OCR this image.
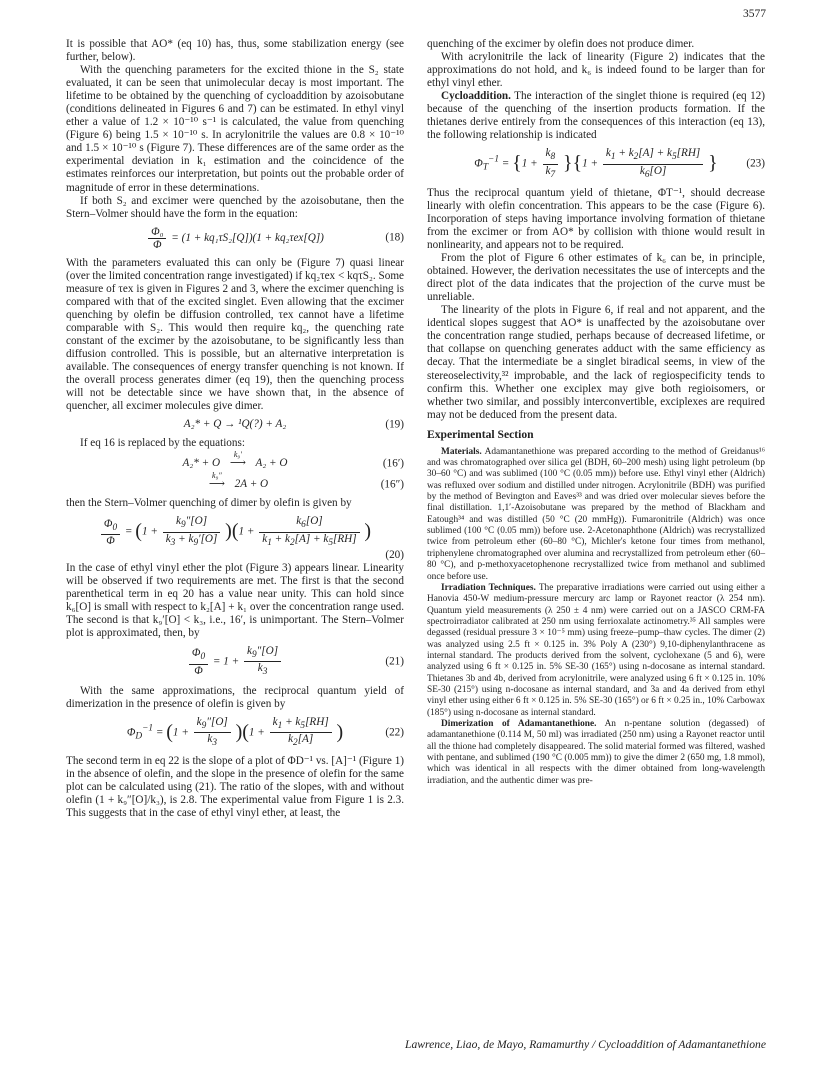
3577

It is possible that AO* (eq 10) has, thus, some stabilization energy (see further, below).

With the quenching parameters for the excited thione in the S₂ state evaluated, it can be seen that unimolecular decay is most important. The lifetime to be obtained by the quenching of cycloaddition by azoisobutane (conditions delineated in Figures 6 and 7) can be estimated. In ethyl vinyl ether a value of 1.2 × 10⁻¹⁰ s⁻¹ is calculated, the value from quenching (Figure 6) being 1.5 × 10⁻¹⁰ s. In acrylonitrile the values are 0.8 × 10⁻¹⁰ and 1.5 × 10⁻¹⁰ s (Figure 7). These differences are of the same order as the experimental deviation in k₁ estimation and the coincidence of the estimates reinforces our interpretation, but points out the probable order of magnitude of error in these determinations.

If both S₂ and excimer were quenched by the azoisobutane, then the Stern–Volmer should have the form in the equation:

$\frac{\text{Φ₀}}{\Phi} = (1 + kq_1\tau S_2[Q])(1 + kq_2\tau ex[Q])$	(18)

With the parameters evaluated this can only be (Figure 7) quasi linear (over the limited concentration range investigated) if kq₂τex < kqτS₂. Some measure of τex is given in Figures 2 and 3, where the excimer quenching is compared with that of the excited singlet. Even allowing that the excimer quenching by olefin be diffusion controlled, τex cannot have a lifetime comparable with S₂. This would then require kq₂, the quenching rate constant of the excimer by the azoisobutane, to be significantly less than diffusion controlled. This is possible, but an alternative interpretation is available. The consequences of energy transfer quenching is not known. If the overall process generates dimer (eq 19), then the quenching process will not be detectable since we have shown that, in the absence of quencher, all excimer molecules give dimer.

A₂* + Q → ¹Q(?) + A₂	(19)

If eq 16 is replaced by the equations:

A₂* + O ⟶
k₉′
A₂ + O	(16′)
⟶
k₉″
2A + O	(16″)

then the Stern–Volmer quenching of dimer by olefin is given by

$\frac{\Phi_0}{\Phi} = (1 + \frac{k_9''[O]}{k_3 + k_9'[O]} )(1 + \frac{k_6[O]}{k_1 + k_2[A] + k_5[RH]}$ )

(20)

In the case of ethyl vinyl ether the plot (Figure 3) appears linear. Linearity will be observed if two requirements are met. The first is that the second parenthetical term in eq 20 has a value near unity. This can hold since k₆[O] is small with respect to k₂[A] + k₁ over the concentration range used. The second is that k₉′[O] < k₃, i.e., 16′, is unimportant. The Stern–Volmer plot is approximated, then, by

$\frac{\Phi_0}{\Phi} = 1 + \frac{k_9''[O]}{k_3}$	(21)

With the same approximations, the reciprocal quantum yield of dimerization in the presence of olefin is given by

$\Phi_D^{-1} = (1 + \frac{k_9''[O]}{k_3} )(1 + \frac{k_1 + k_5[RH]}{k_2[A]}$ )	(22)

The second term in eq 22 is the slope of a plot of ΦD⁻¹ vs. [A]⁻¹ (Figure 1) in the absence of olefin, and the slope in the presence of olefin for the same plot can be calculated using (21). The ratio of the slopes, with and without olefin (1 + k₉″[O]/k₃), is 2.8. The experimental value from Figure 1 is 2.3. This suggests that in the case of ethyl vinyl ether, at least, the

quenching of the excimer by olefin does not produce dimer.

With acrylonitrile the lack of linearity (Figure 2) indicates that the approximations do not hold, and k₆ is indeed found to be larger than for ethyl vinyl ether.

Cycloaddition. The interaction of the singlet thione is required (eq 12) because of the quenching of the insertion products formation. If the thietanes derive entirely from the consequences of this interaction (eq 13), the following relationship is indicated

$\Phi_T^{-1} = \{1 + \frac{k_8}{k_7} \}\{1 + \frac{k_1 + k_2[A] + k_5[RH]}{k_6[O]}$ }	(23)

Thus the reciprocal quantum yield of thietane, ΦT⁻¹, should decrease linearly with olefin concentration. This appears to be the case (Figure 6). Incorporation of steps having importance involving formation of thietane from the excimer or from AO* by collision with thione would result in nonlinearity, and appears not to be required.

From the plot of Figure 6 other estimates of k₆ can be, in principle, obtained. However, the derivation necessitates the use of intercepts and the direct plot of the data indicates that the projection of the curve must be unreliable.

The linearity of the plots in Figure 6, if real and not apparent, and the identical slopes suggest that AO* is unaffected by the azoisobutane over the concentration range studied, perhaps because of decreased lifetime, or that collapse on quenching generates adduct with the same efficiency as decay. That the intermediate be a singlet biradical seems, in view of the stereoselectivity,³² improbable, and the lack of regiospecificity tends to confirm this. Whether one exciplex may give both regioisomers, or whether two similar, and possibly interconvertible, exciplexes are required may not be deduced from the present data.

Experimental Section

Materials. Adamantanethione was prepared according to the method of Greidanus¹⁶ and was chromatographed over silica gel (BDH, 60–200 mesh) using light petroleum (bp 30–60 °C) and was sublimed (100 °C (0.05 mm)) before use. Ethyl vinyl ether (Aldrich) was refluxed over sodium and distilled under nitrogen. Acrylonitrile (BDH) was purified by the method of Bevington and Eaves³³ and was dried over molecular sieves before the final distillation. 1,1′-Azoisobutane was prepared by the method of Blackham and Eatough³⁴ and was distilled (50 °C (20 mmHg)). Fumaronitrile (Aldrich) was once sublimed (100 °C (0.05 mm)) before use. 2-Acetonaphthone (Aldrich) was recrystallized twice from petroleum ether (60–80 °C), Michler's ketone four times from methanol, triphenylene chromatographed over alumina and recrystallized from petroleum ether (60–80 °C), and p-methoxyacetophenone recrystallized twice from methanol and sublimed once before use.

Irradiation Techniques. The preparative irradiations were carried out using either a Hanovia 450-W medium-pressure mercury arc lamp or Rayonet reactor (λ 254 nm). Quantum yield measurements (λ 250 ± 4 nm) were carried out on a JASCO CRM-FA spectroirradiator calibrated at 250 nm using ferrioxalate actinometry.³⁵ All samples were degassed (residual pressure 3 × 10⁻⁵ mm) using freeze–pump–thaw cycles. The dimer (2) was analyzed using 2.5 ft × 0.125 in. 3% Poly A (230°) 9,10-diphenylanthracene as internal standard. The products derived from the solvent, cyclohexane (5 and 6), were analyzed using 6 ft × 0.125 in. 5% SE-30 (165°) using n-docosane as internal standard. Thietanes 3b and 4b, derived from acrylonitrile, were analyzed using 6 ft × 0.125 in. 10% SE-30 (215°) using n-docosane as internal standard, and 3a and 4a derived from ethyl vinyl ether using either 6 ft × 0.125 in. 5% SE-30 (165°) or 6 ft × 0.25 in., 10% Carbowax (185°) using n-docosane as internal standard.

Dimerization of Adamantanethione. An n-pentane solution (degassed) of adamantanethione (0.114 M, 50 ml) was irradiated (250 nm) using a Rayonet reactor until all the thione had completely disappeared. The solid material formed was filtered, washed with pentane, and sublimed (190 °C (0.005 mm)) to give the dimer 2 (650 mg, 1.8 mmol), which was identical in all respects with the dimer obtained from long-wavelength irradiation, and the authentic dimer was pre-

Lawrence, Liao, de Mayo, Ramamurthy / Cycloaddition of Adamantanethione
